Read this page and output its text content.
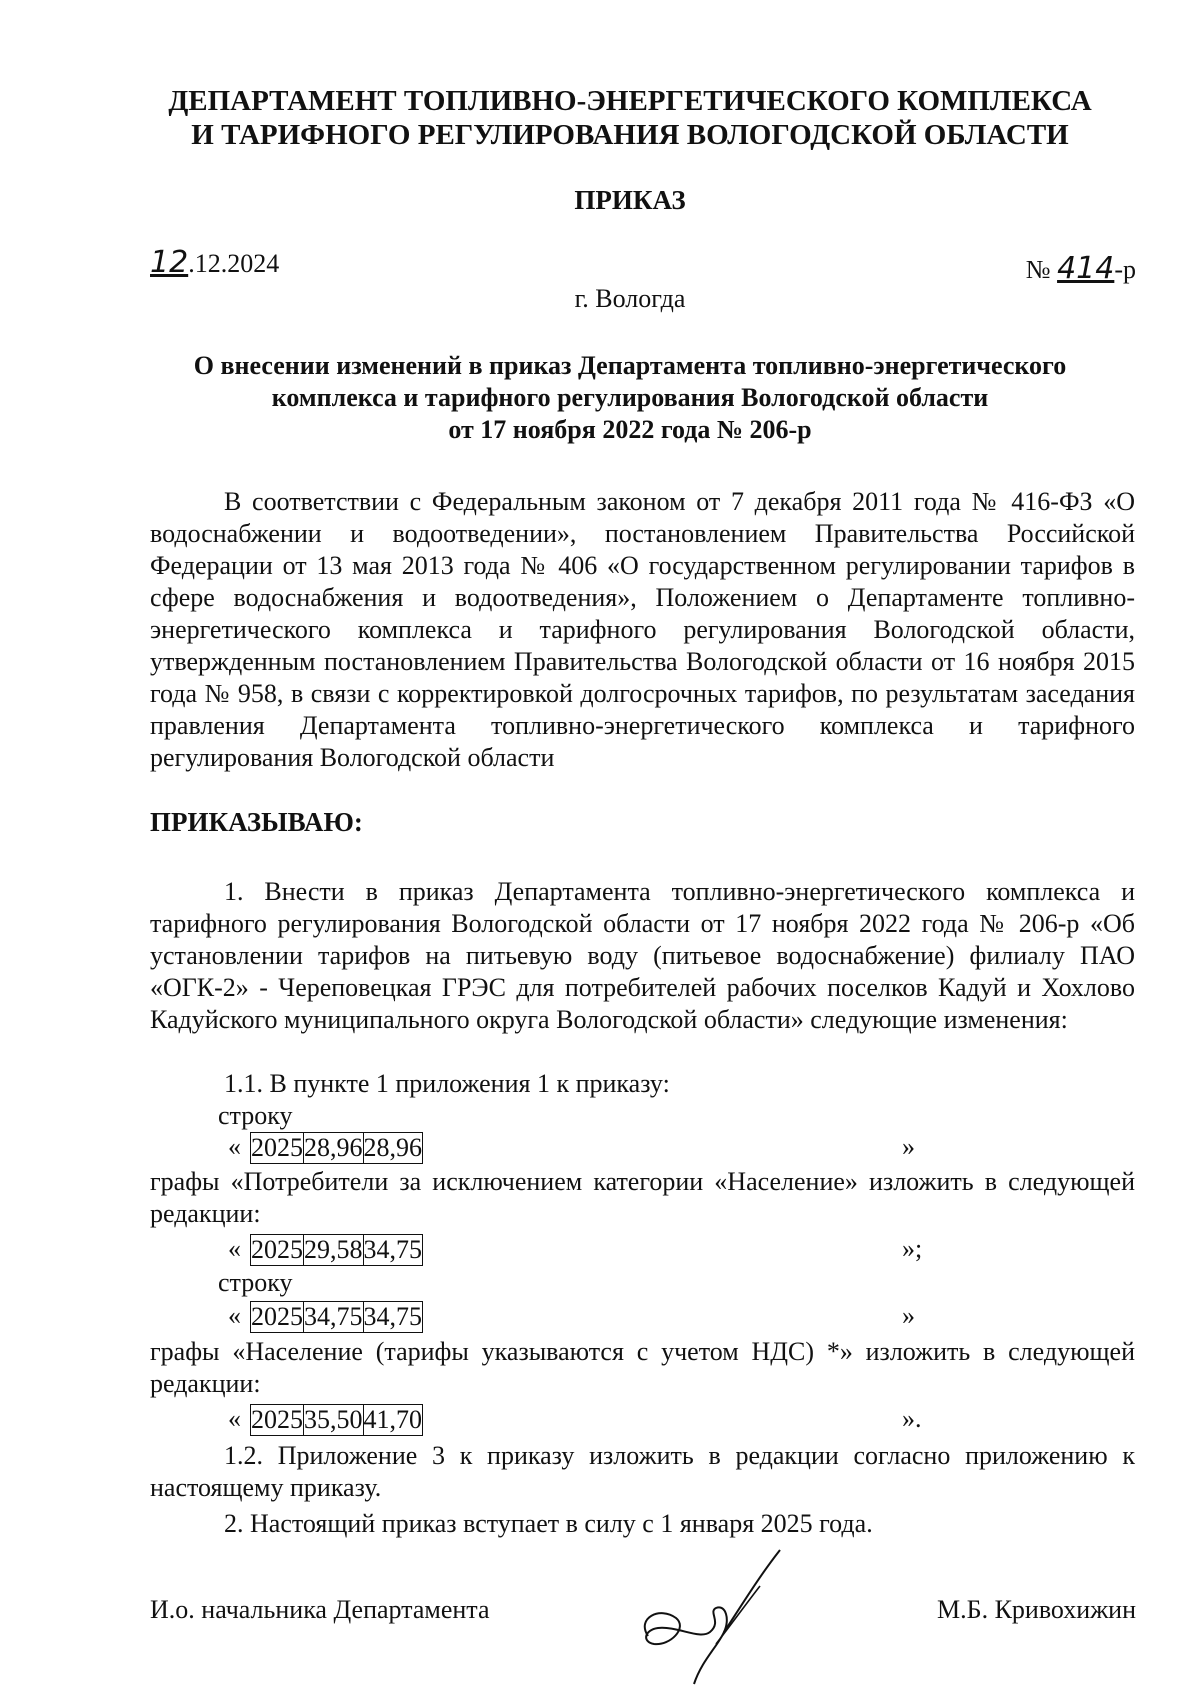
ДЕПАРТАМЕНТ ТОПЛИВНО-ЭНЕРГЕТИЧЕСКОГО КОМПЛЕКСА
И ТАРИФНОГО РЕГУЛИРОВАНИЯ ВОЛОГОДСКОЙ ОБЛАСТИ
ПРИКАЗ
12.12.2024	№ 414-р
г. Вологда
О внесении изменений в приказ Департамента топливно-энергетического
комплекса и тарифного регулирования Вологодской области
от 17 ноября 2022 года № 206-р

В соответствии с Федеральным законом от 7 декабря 2011 года № 416-ФЗ «О водоснабжении и водоотведении», постановлением Правительства Российской Федерации от 13 мая 2013 года № 406 «О государственном регулировании тарифов в сфере водоснабжения и водоотведения», Положением о Департаменте топливно-энергетического комплекса и тарифного регулирования Вологодской области, утвержденным постановлением Правительства Вологодской области от 16 ноября 2015 года № 958, в связи с корректировкой долгосрочных тарифов, по результатам заседания правления Департамента топливно-энергетического комплекса и тарифного регулирования Вологодской области

ПРИКАЗЫВАЮ:

1. Внести в приказ Департамента топливно-энергетического комплекса и тарифного регулирования Вологодской области от 17 ноября 2022 года № 206-р «Об установлении тарифов на питьевую воду (питьевое водоснабжение) филиалу ПАО «ОГК-2» - Череповецкая ГРЭС для потребителей рабочих поселков Кадуй и Хохлово Кадуйского муниципального округа Вологодской области» следующие изменения:

1.1. В пункте 1 приложения 1 к приказу:

строку
« 2025	28,96	28,96	»

графы «Потребители за исключением категории «Население» изложить в следующей редакции:

« 2025	29,58	34,75	»;
строку
« 2025	34,75	34,75	»

графы «Население (тарифы указываются с учетом НДС) *» изложить в следующей редакции:

« 2025	35,50	41,70	».

1.2. Приложение 3 к приказу изложить в редакции согласно приложению к настоящему приказу.

2. Настоящий приказ вступает в силу с 1 января 2025 года.

И.о. начальника Департамента	М.Б. Кривохижин
